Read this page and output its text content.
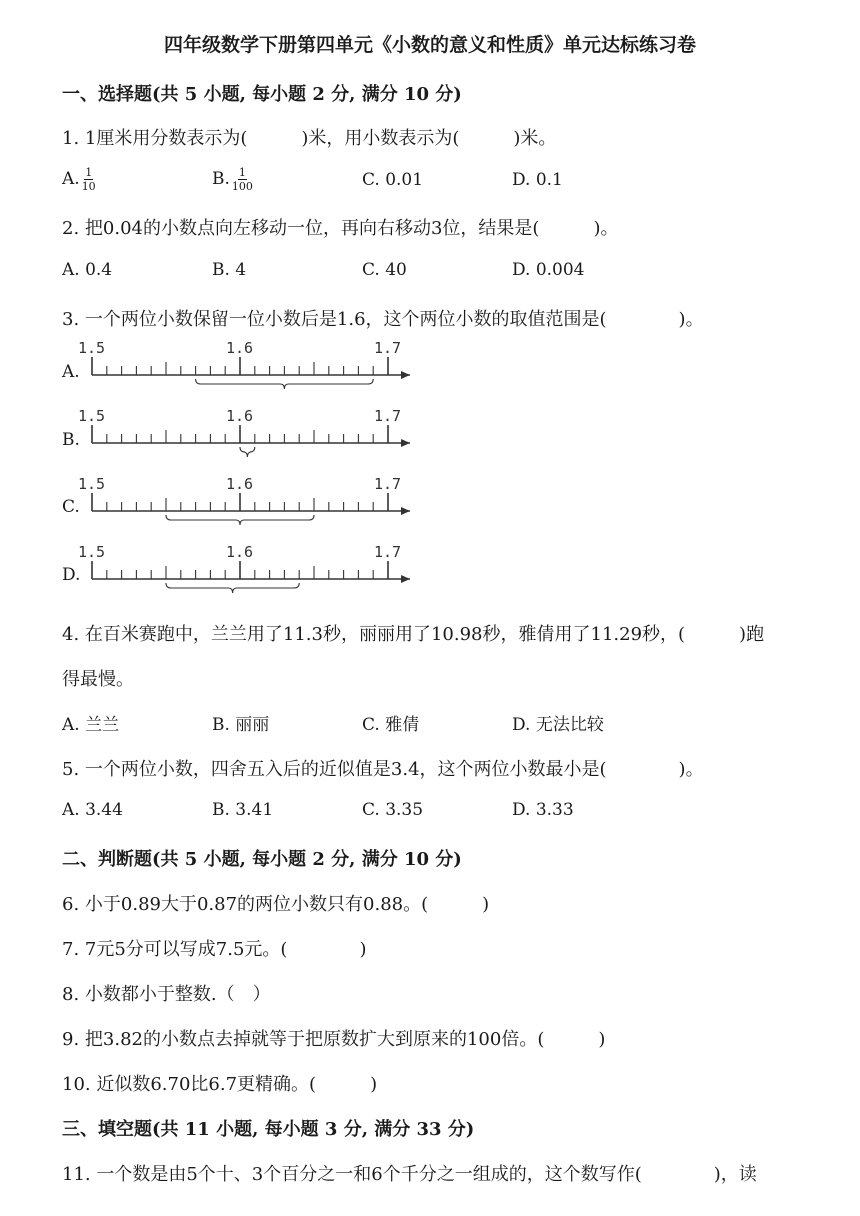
四年级数学下册第四单元《小数的意义和性质》单元达标练习卷
一、选择题(共 5 小题, 每小题 2 分, 满分 10 分)
1. 1厘米用分数表示为(　　　)米，用小数表示为(　　　)米。
A. $\frac{1}{10}$	B. $\frac{1}{100}$	C. 0.01	D. 0.1
2. 把0.04的小数点向左移动一位，再向右移动3位，结果是(　　　)。
A. 0.4	B. 4	C. 40	D. 0.004
3. 一个两位小数保留一位小数后是1.6，这个两位小数的取值范围是(　　　　)。
1.5	1.6	1.7
1.5	1.6	1.7
1.5	1.6	1.7
1.5	1.6	1.7
A.
B.
C.
D.
4. 在百米赛跑中，兰兰用了11.3秒，丽丽用了10.98秒，雅倩用了11.29秒，(　　　)跑
得最慢。
A. 兰兰	B. 丽丽	C. 雅倩	D. 无法比较
5. 一个两位小数，四舍五入后的近似值是3.4，这个两位小数最小是(　　　　)。
A. 3.44	B. 3.41	C. 3.35	D. 3.33
二、判断题(共 5 小题, 每小题 2 分, 满分 10 分)
6. 小于0.89大于0.87的两位小数只有0.88。(　　　)
7. 7元5分可以写成7.5元。(　　　　)
8. 小数都小于整数.（　）
9. 把3.82的小数点去掉就等于把原数扩大到原来的100倍。(　　　)
10. 近似数6.70比6.7更精确。(　　　)
三、填空题(共 11 小题, 每小题 3 分, 满分 33 分)
11. 一个数是由5个十、3个百分之一和6个千分之一组成的，这个数写作(　　　　)，读
